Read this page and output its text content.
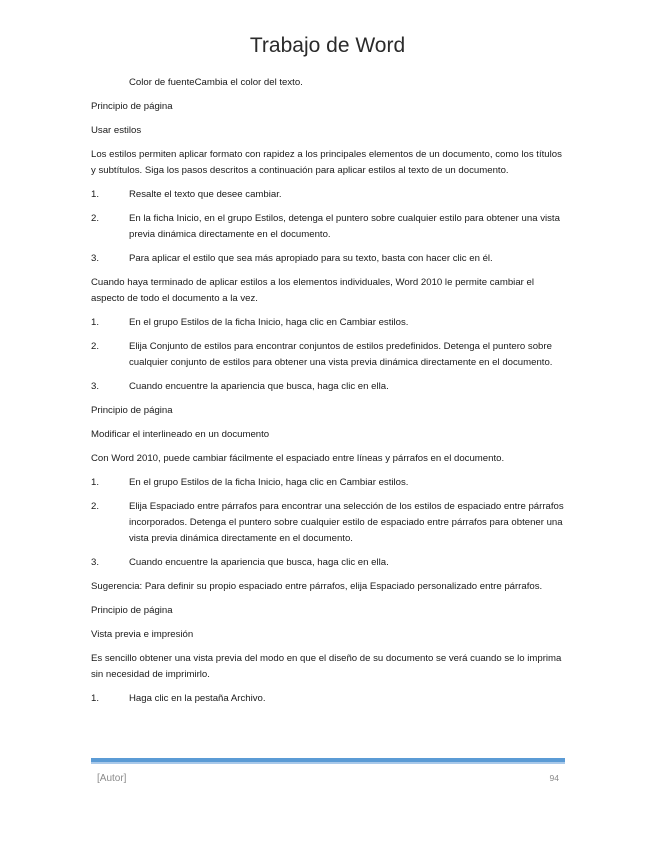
Trabajo de Word

Color de fuenteCambia el color del texto.

Principio de página

Usar estilos

Los estilos permiten aplicar formato con rapidez a los principales elementos de un documento, como los títulos y subtítulos. Siga los pasos descritos a continuación para aplicar estilos al texto de un documento.

1.	Resalte el texto que desee cambiar.

2.	En la ficha Inicio, en el grupo Estilos, detenga el puntero sobre cualquier estilo para obtener una vista previa dinámica directamente en el documento.

3.	Para aplicar el estilo que sea más apropiado para su texto, basta con hacer clic en él.

Cuando haya terminado de aplicar estilos a los elementos individuales, Word 2010 le permite cambiar el aspecto de todo el documento a la vez.

1.	En el grupo Estilos de la ficha Inicio, haga clic en Cambiar estilos.

2.	Elija Conjunto de estilos para encontrar conjuntos de estilos predefinidos. Detenga el puntero sobre cualquier conjunto de estilos para obtener una vista previa dinámica directamente en el documento.

3.	Cuando encuentre la apariencia que busca, haga clic en ella.

Principio de página

Modificar el interlineado en un documento

Con Word 2010, puede cambiar fácilmente el espaciado entre líneas y párrafos en el documento.

1.	En el grupo Estilos de la ficha Inicio, haga clic en Cambiar estilos.

2.	Elija Espaciado entre párrafos para encontrar una selección de los estilos de espaciado entre párrafos incorporados. Detenga el puntero sobre cualquier estilo de espaciado entre párrafos para obtener una vista previa dinámica directamente en el documento.

3.	Cuando encuentre la apariencia que busca, haga clic en ella.

Sugerencia: Para definir su propio espaciado entre párrafos, elija Espaciado personalizado entre párrafos.

Principio de página

Vista previa e impresión

Es sencillo obtener una vista previa del modo en que el diseño de su documento se verá cuando se lo imprima sin necesidad de imprimirlo.

1.	Haga clic en la pestaña Archivo.

[Autor]	94
